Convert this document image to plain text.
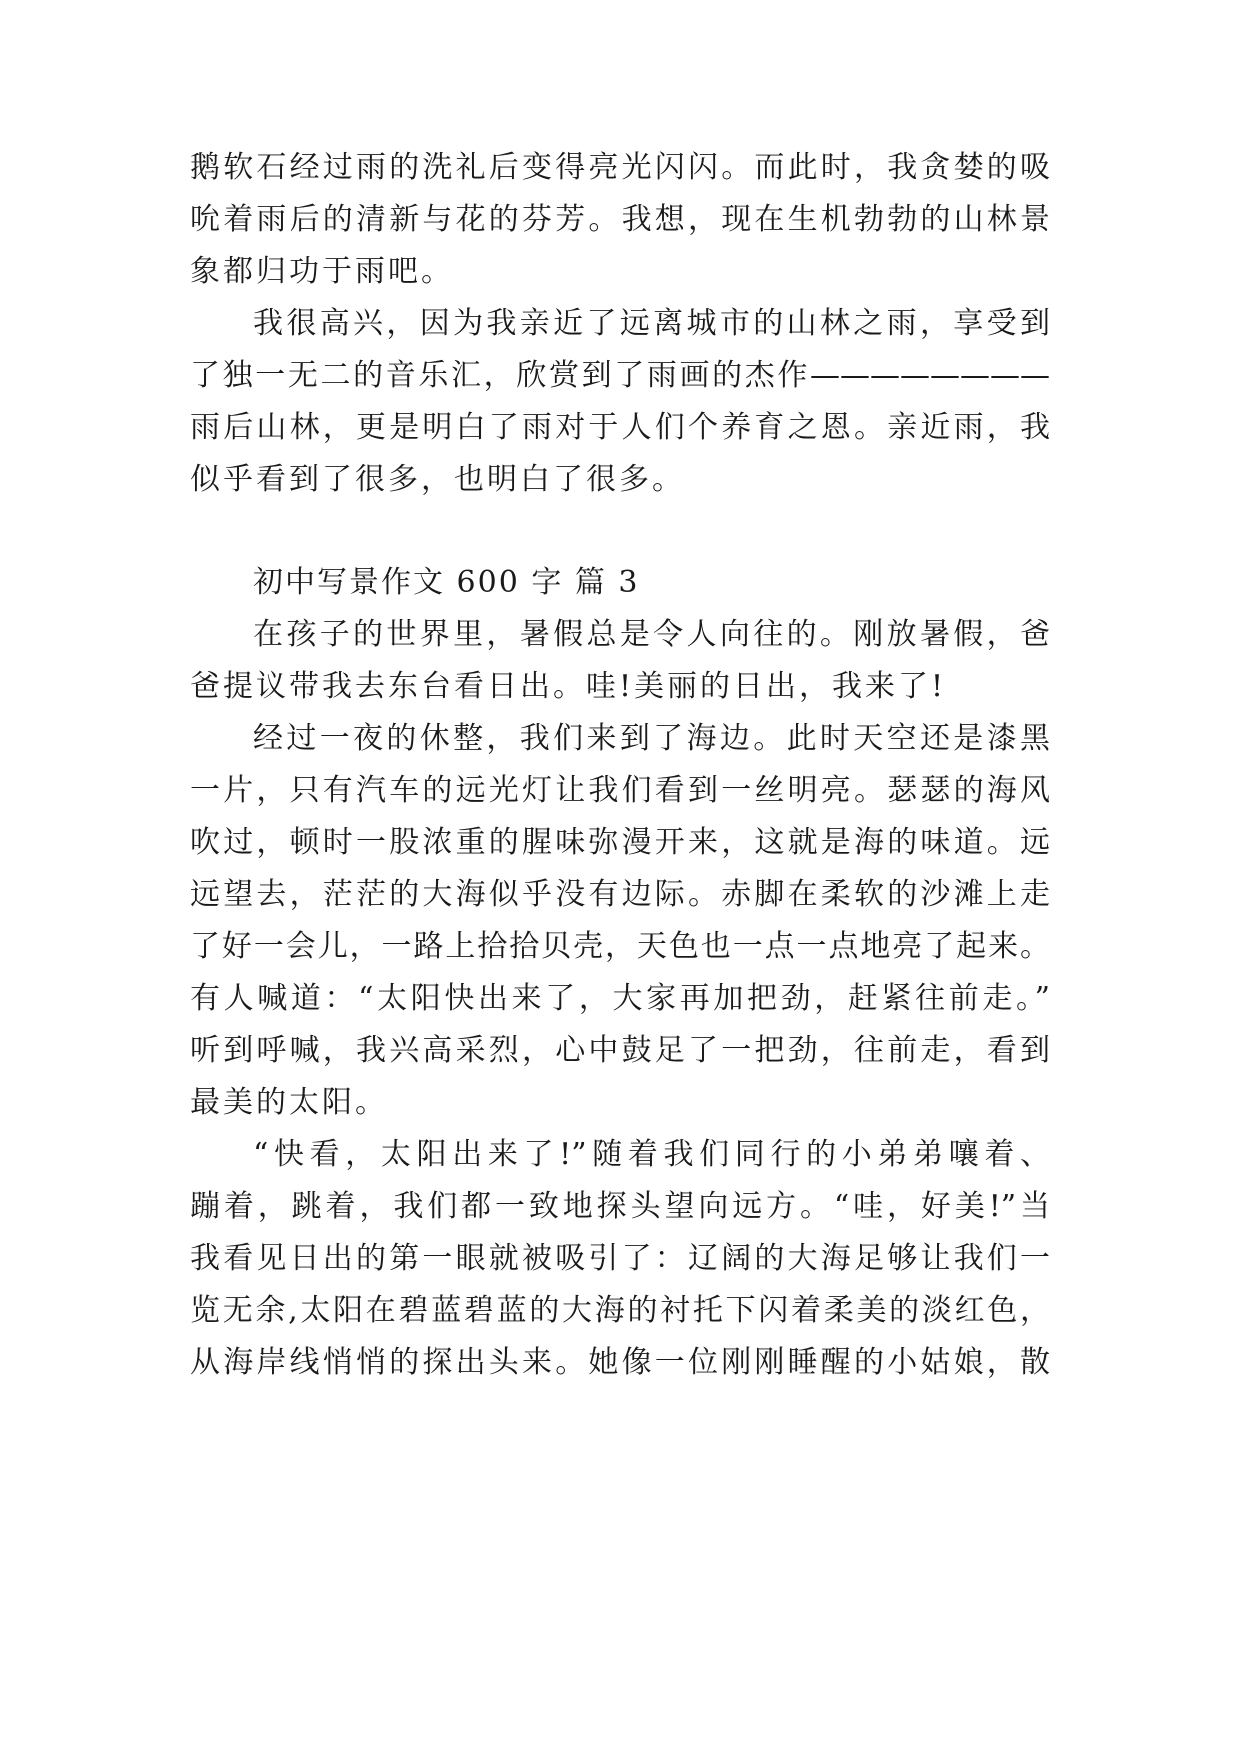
鹅软石经过雨的洗礼后变得亮光闪闪。而此时，我贪婪的吸
吮着雨后的清新与花的芬芳。我想，现在生机勃勃的山林景
象都归功于雨吧。
我很高兴，因为我亲近了远离城市的山林之雨，享受到
了独一无二的音乐汇，欣赏到了雨画的杰作————————
雨后山林，更是明白了雨对于人们个养育之恩。亲近雨，我
似乎看到了很多，也明白了很多。
初中写景作文 600 字 篇 3
在孩子的世界里，暑假总是令人向往的。刚放暑假，爸
爸提议带我去东台看日出。哇!美丽的日出，我来了!
经过一夜的休整，我们来到了海边。此时天空还是漆黑
一片，只有汽车的远光灯让我们看到一丝明亮。瑟瑟的海风
吹过，顿时一股浓重的腥味弥漫开来，这就是海的味道。远
远望去，茫茫的大海似乎没有边际。赤脚在柔软的沙滩上走
了好一会儿，一路上拾拾贝壳，天色也一点一点地亮了起来。
有人喊道：“太阳快出来了，大家再加把劲，赶紧往前走。”
听到呼喊，我兴高采烈，心中鼓足了一把劲，往前走，看到
最美的太阳。
“快看，太阳出来了!”随着我们同行的小弟弟嚷着、
蹦着，跳着，我们都一致地探头望向远方。“哇，好美!”当
我看见日出的第一眼就被吸引了：辽阔的大海足够让我们一
览无余,太阳在碧蓝碧蓝的大海的衬托下闪着柔美的淡红色，
从海岸线悄悄的探出头来。她像一位刚刚睡醒的小姑娘，散
